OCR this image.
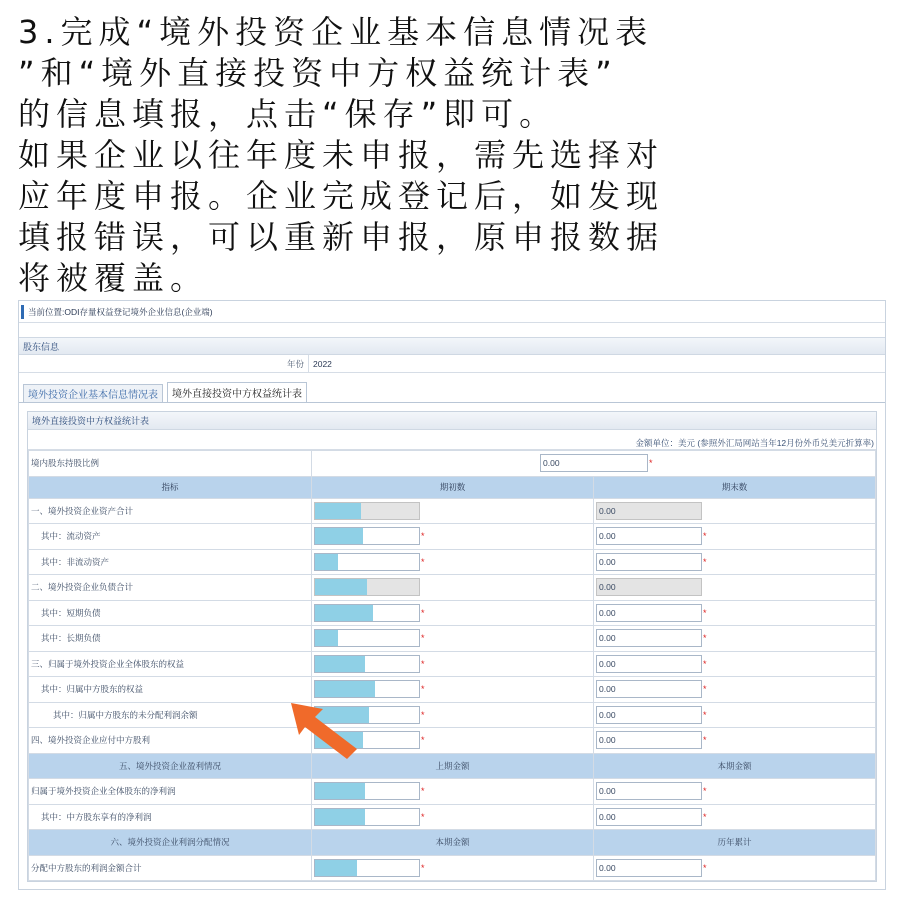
3.完成“境外投资企业基本信息情况表
”和“境外直接投资中方权益统计表”
的信息填报，点击“保存”即可。
如果企业以往年度未申报，需先选择对
应年度申报。企业完成登记后，如发现
填报错误，可以重新申报，原申报数据
将被覆盖。
当前位置:ODI存量权益登记境外企业信息(企业端)
股东信息
年份	2022
境外投资企业基本信息情况表	境外直接投资中方权益统计表
境外直接投资中方权益统计表
金额单位：美元 (参照外汇局网站当年12月份外币兑美元折算率)
境内股东持股比例	0.00 *	

指标	期初数	期末数
一、境外投资企业资产合计		0.00

其中：流动资产	*	0.00 *

其中：非流动资产	*	0.00 *

二、境外投资企业负债合计		0.00

其中：短期负债	*	0.00 *

其中：长期负债	*	0.00 *

三、归属于境外投资企业全体股东的权益	*	0.00 *

其中：归属中方股东的权益	*	0.00 *

其中：归属中方股东的未分配利润余额	*	0.00 *

四、境外投资企业应付中方股利	*	0.00 *

五、境外投资企业盈利情况	上期金额	本期金额
归属于境外投资企业全体股东的净利润	*	0.00 *

其中：中方股东享有的净利润	*	0.00 *

六、境外投资企业利润分配情况	本期金额	历年累计
分配中方股东的利润金额合计	*	0.00 *
